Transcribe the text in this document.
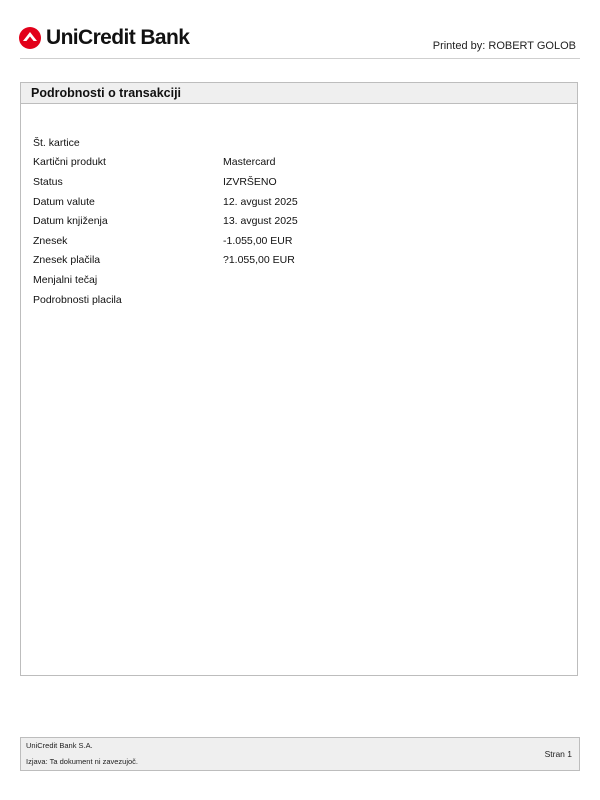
UniCredit Bank	Printed by: ROBERT GOLOB
Podrobnosti o transakciji
Št. kartice
Kartični produkt	Mastercard
Status	IZVRŠENO
Datum valute	12. avgust 2025
Datum knjiženja	13. avgust 2025
Znesek	-1.055,00 EUR
Znesek plačila	?1.055,00 EUR
Menjalni tečaj
Podrobnosti placila
UniCredit Bank S.A.
Izjava: Ta dokument ni zavezujoč.
Stran 1
